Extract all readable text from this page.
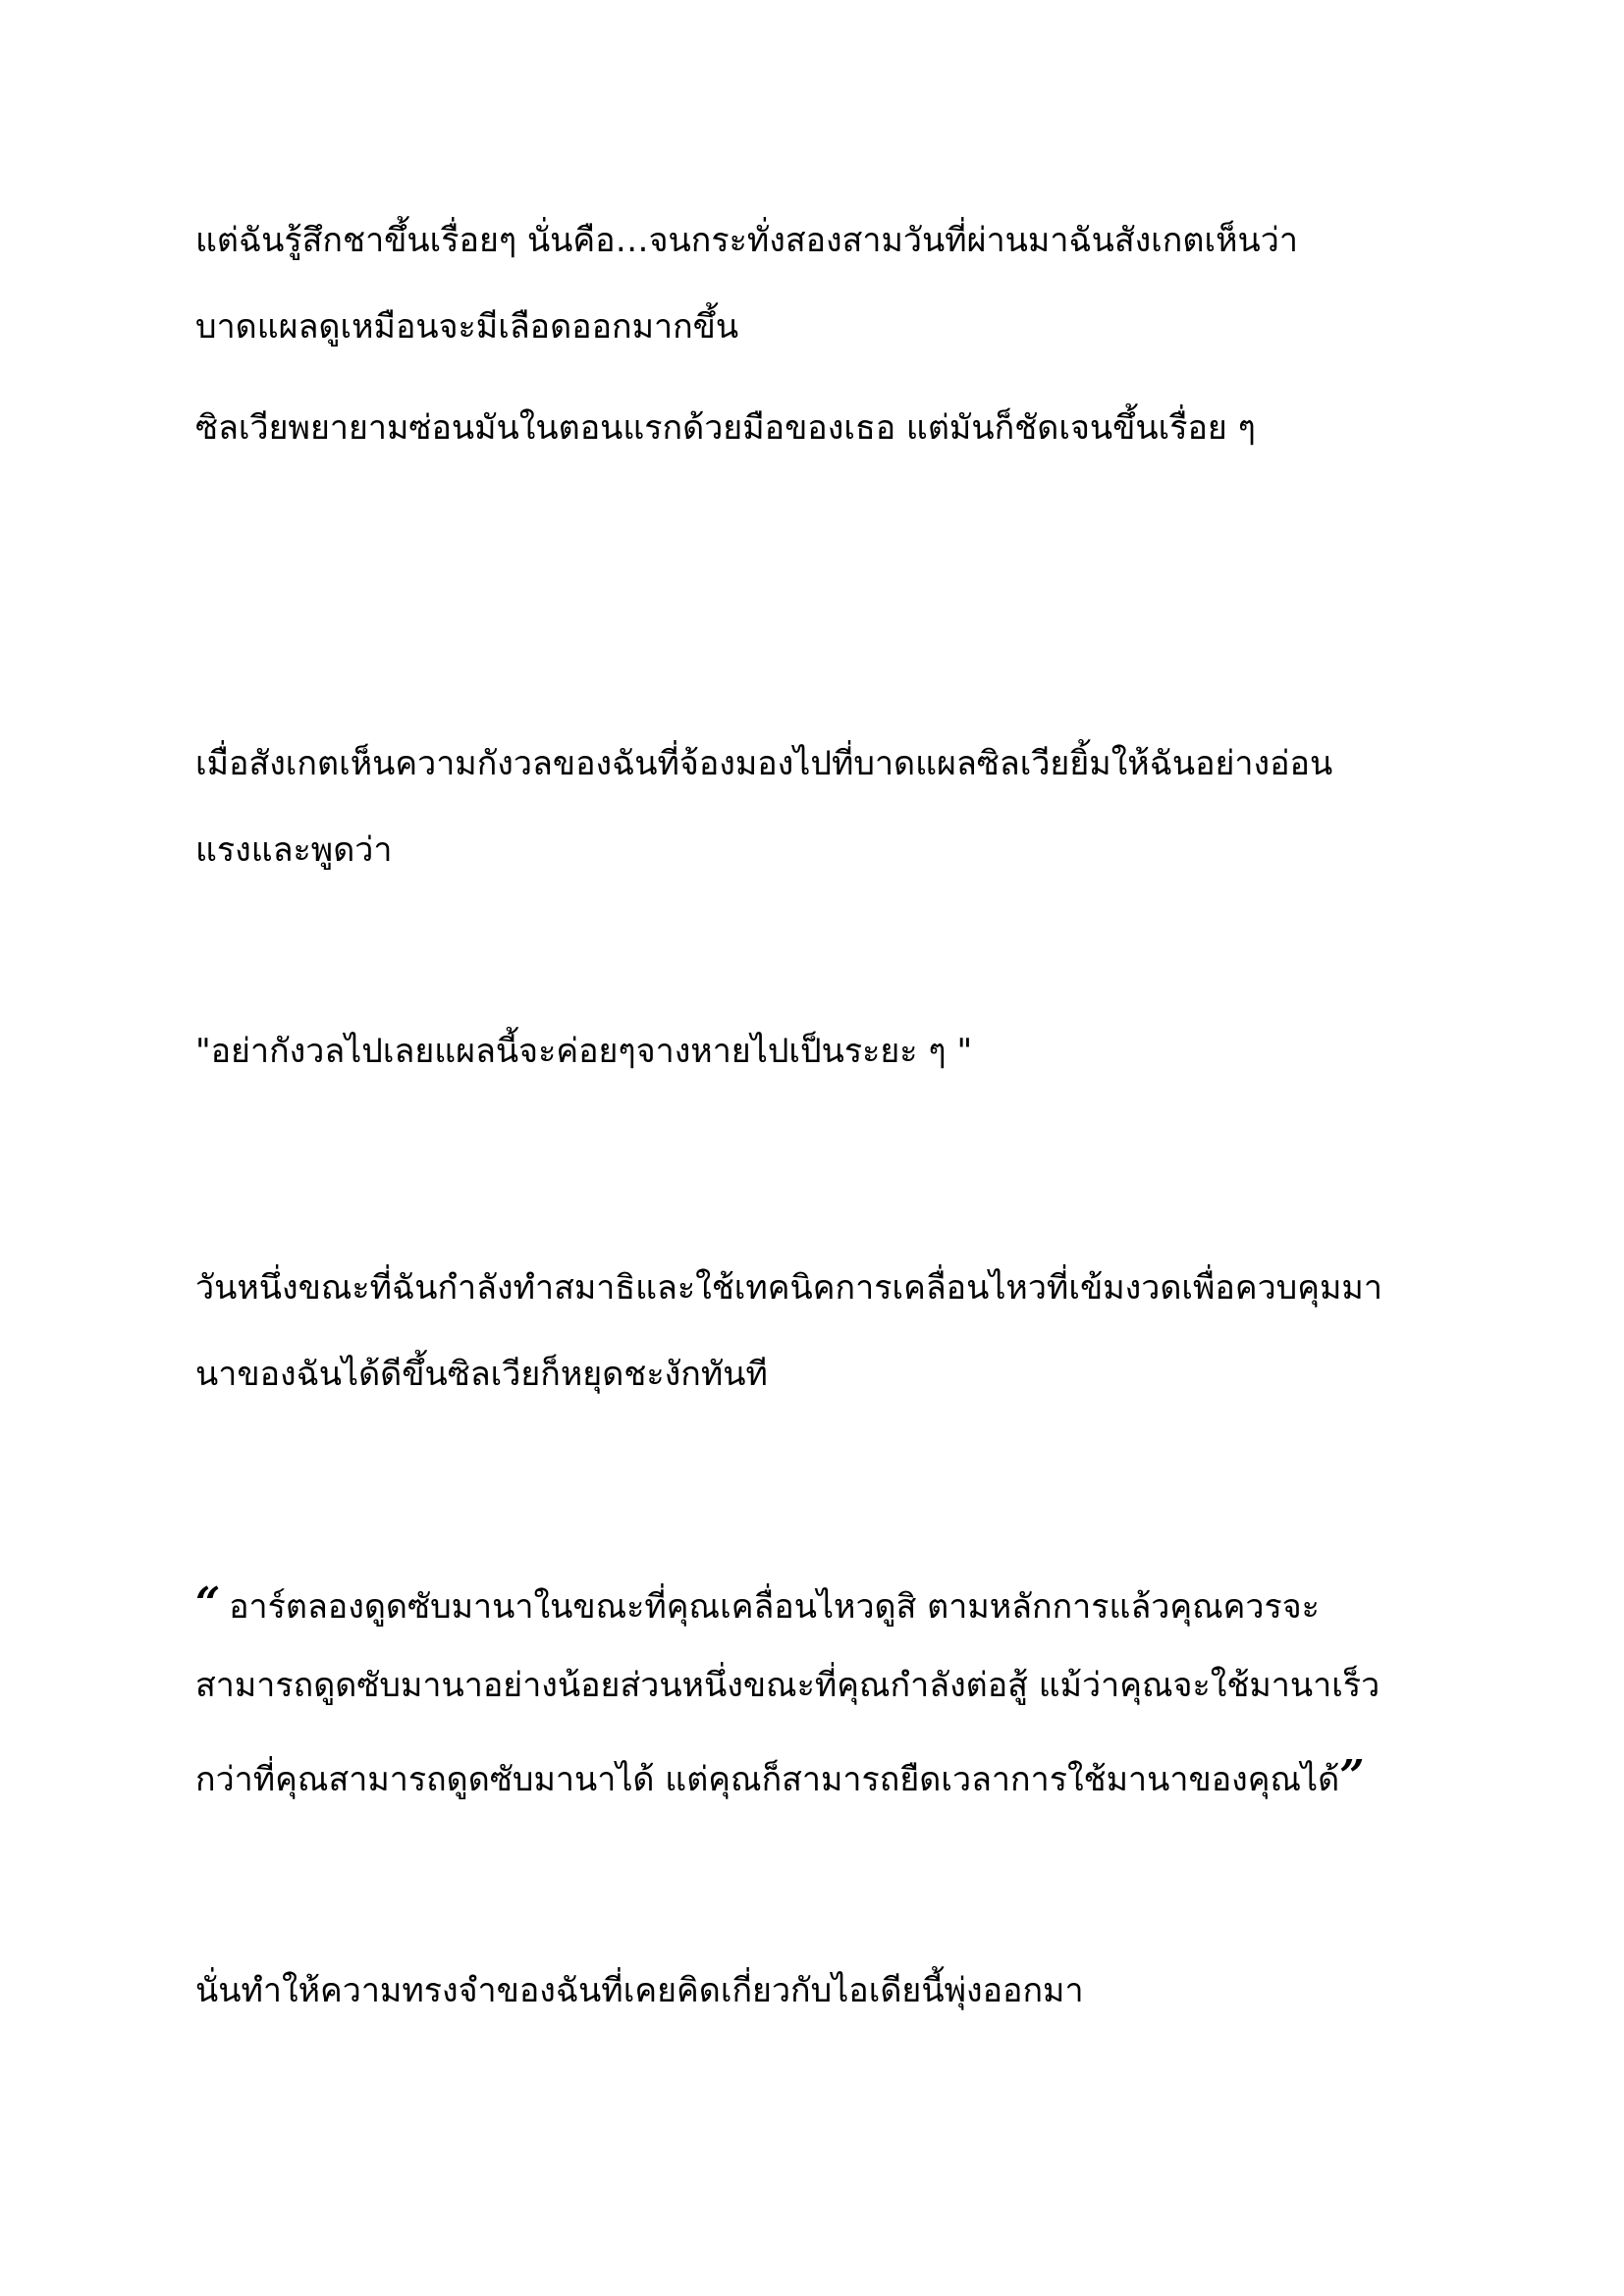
แต่ฉันรู้สึกชาขึ้นเรื่อยๆ นั่นคือ…จนกระทั่งสองสามวันที่ผ่านมาฉันสังเกตเห็นว่า
บาดแผลดูเหมือนจะมีเลือดออกมากขึ้น
ซิลเวียพยายามซ่อนมันในตอนแรกด้วยมือของเธอ แต่มันก็ชัดเจนขึ้นเรื่อย ๆ
เมื่อสังเกตเห็นความกังวลของฉันที่จ้องมองไปที่บาดแผลซิลเวียยิ้มให้ฉันอย่างอ่อน
แรงและพูดว่า
"อย่ากังวลไปเลยแผลนี้จะค่อยๆจางหายไปเป็นระยะ ๆ "
วันหนึ่งขณะที่ฉันกำลังทำสมาธิและใช้เทคนิคการเคลื่อนไหวที่เข้มงวดเพื่อควบคุมมา
นาของฉันได้ดีขึ้นซิลเวียก็หยุดชะงักทันที
“ อาร์ตลองดูดซับมานาในขณะที่คุณเคลื่อนไหวดูสิ ตามหลักการแล้วคุณควรจะ
สามารถดูดซับมานาอย่างน้อยส่วนหนึ่งขณะที่คุณกำลังต่อสู้ แม้ว่าคุณจะใช้มานาเร็ว
กว่าที่คุณสามารถดูดซับมานาได้ แต่คุณก็สามารถยืดเวลาการใช้มานาของคุณได้”
นั่นทำให้ความทรงจำของฉันที่เคยคิดเกี่ยวกับไอเดียนี้พุ่งออกมา
